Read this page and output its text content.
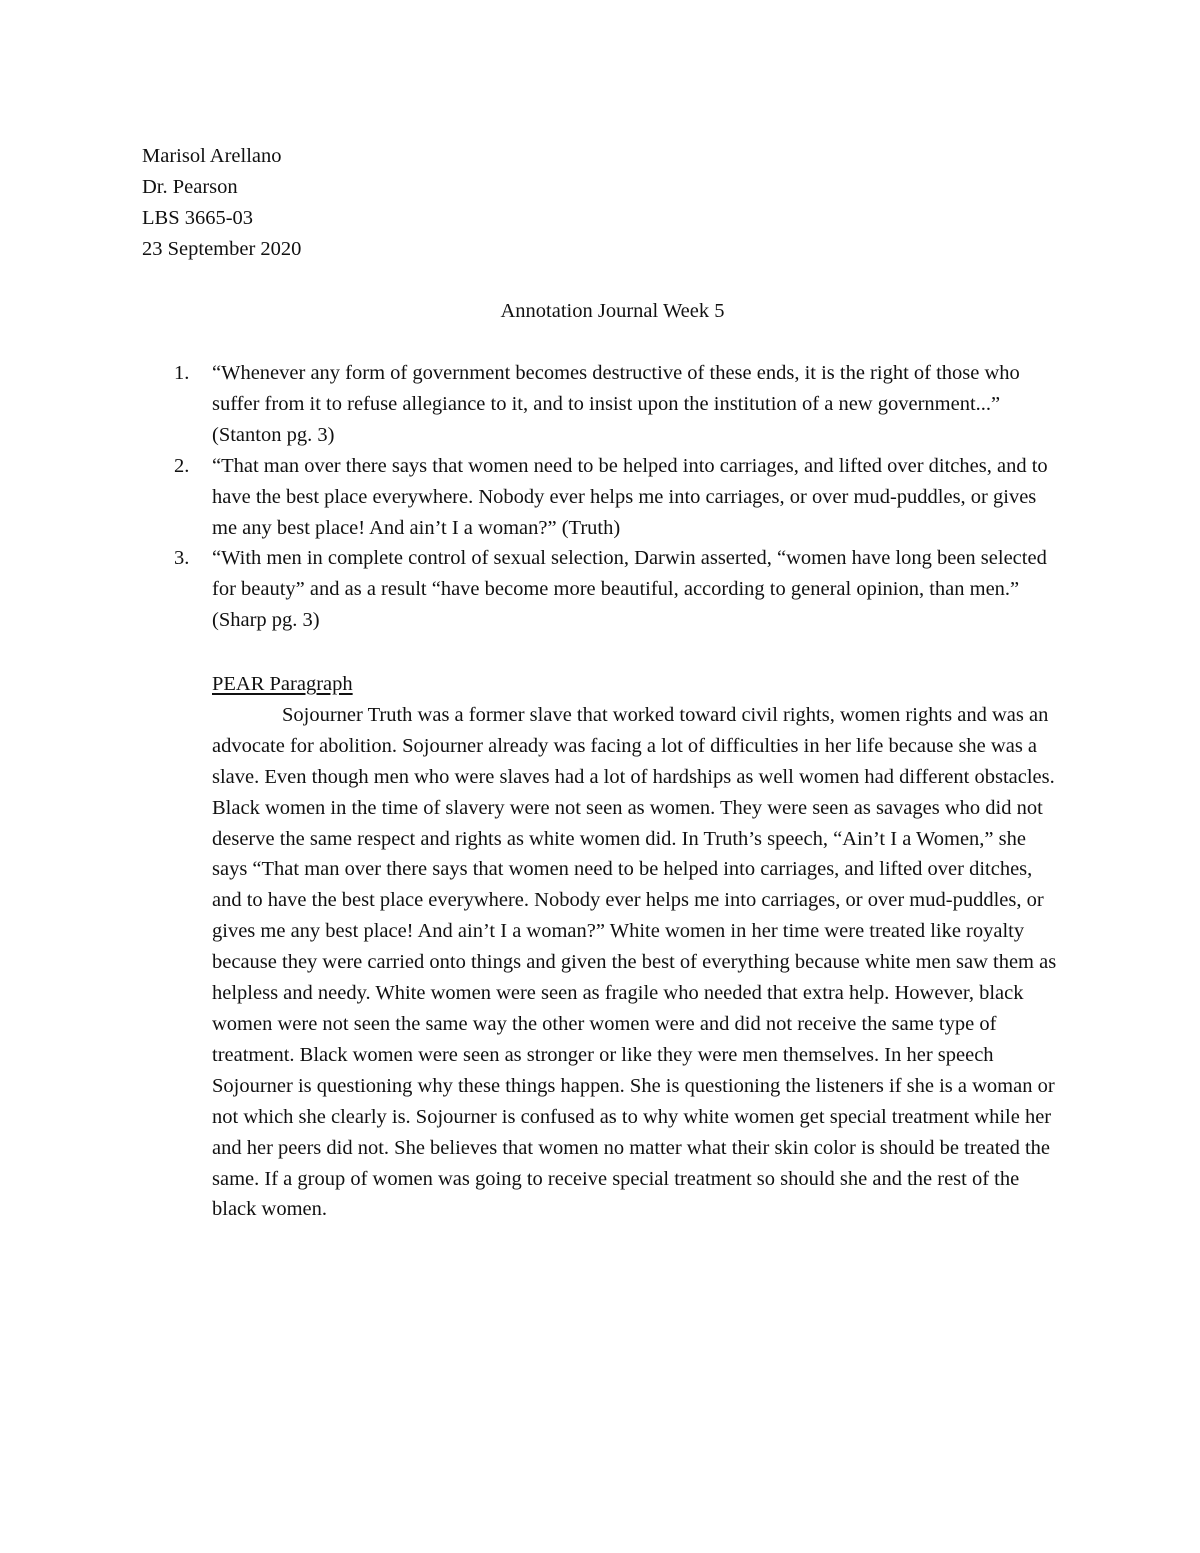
Marisol Arellano
Dr. Pearson
LBS 3665-03
23 September 2020
Annotation Journal Week 5
1. “Whenever any form of government becomes destructive of these ends, it is the right of those who suffer from it to refuse allegiance to it, and to insist upon the institution of a new government...” (Stanton pg. 3)
2. “That man over there says that women need to be helped into carriages, and lifted over ditches, and to have the best place everywhere. Nobody ever helps me into carriages, or over mud-puddles, or gives me any best place! And ain’t I a woman?” (Truth)
3. “With men in complete control of sexual selection, Darwin asserted, “women have long been selected for beauty” and as a result “have become more beautiful, according to general opinion, than men.” (Sharp pg. 3)
PEAR Paragraph

Sojourner Truth was a former slave that worked toward civil rights, women rights and was an advocate for abolition. Sojourner already was facing a lot of difficulties in her life because she was a slave. Even though men who were slaves had a lot of hardships as well women had different obstacles. Black women in the time of slavery were not seen as women. They were seen as savages who did not deserve the same respect and rights as white women did. In Truth’s speech, “Ain’t I a Women,” she says “That man over there says that women need to be helped into carriages, and lifted over ditches, and to have the best place everywhere. Nobody ever helps me into carriages, or over mud-puddles, or gives me any best place! And ain’t I a woman?” White women in her time were treated like royalty because they were carried onto things and given the best of everything because white men saw them as helpless and needy. White women were seen as fragile who needed that extra help. However, black women were not seen the same way the other women were and did not receive the same type of treatment. Black women were seen as stronger or like they were men themselves. In her speech Sojourner is questioning why these things happen. She is questioning the listeners if she is a woman or not which she clearly is. Sojourner is confused as to why white women get special treatment while her and her peers did not. She believes that women no matter what their skin color is should be treated the same. If a group of women was going to receive special treatment so should she and the rest of the black women.
